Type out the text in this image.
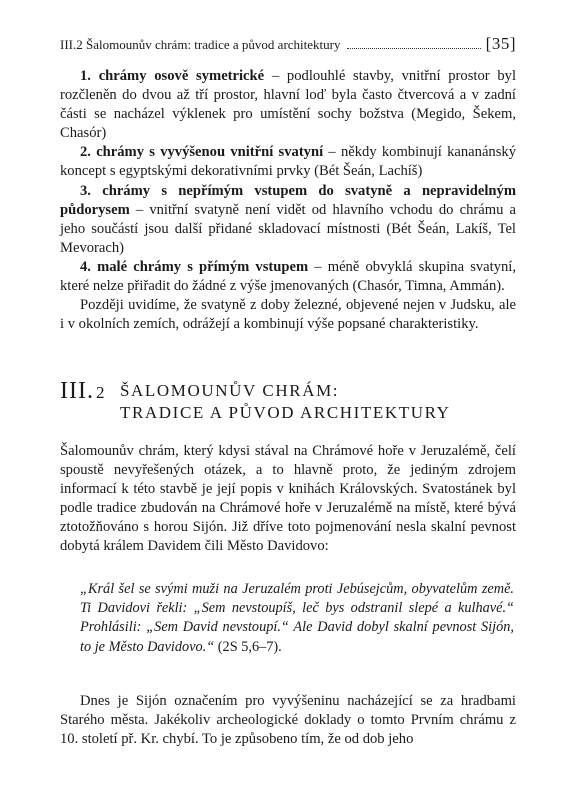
III.2 Šalomounův chrám: tradice a původ architektury	[35]

1. chrámy osově symetrické – podlouhlé stavby, vnitřní prostor byl rozčleněn do dvou až tří prostor, hlavní loď byla často čtvercová a v zadní části se nacházel výklenek pro umístění sochy božstva (Megido, Šekem, Chasór)

2. chrámy s vyvýšenou vnitřní svatyní – někdy kombinují kananánský koncept s egyptskými dekorativními prvky (Bét Šeán, Lachíš)

3. chrámy s nepřímým vstupem do svatyně a nepravidelným půdorysem – vnitřní svatyně není vidět od hlavního vchodu do chrámu a jeho součástí jsou další přidané skladovací místnosti (Bét Šeán, Lakíš, Tel Mevorach)

4. malé chrámy s přímým vstupem – méně obvyklá skupina svatyní, které nelze přiřadit do žádné z výše jmenovaných (Chasór, Timna, Ammán).

Později uvidíme, že svatyně z doby železné, objevené nejen v Judsku, ale i v okolních zemích, odrážejí a kombinují výše popsané charakteristiky.

III. 2 ŠALOMOUNŮV CHRÁM:
TRADICE A PŮVOD ARCHITEKTURY

Šalomounův chrám, který kdysi stával na Chrámové hoře v Jeruzalémě, čelí spoustě nevyřešených otázek, a to hlavně proto, že jediným zdrojem informací k této stavbě je její popis v knihách Královských. Svatostánek byl podle tradice zbudován na Chrámové hoře v Jeruzalémě na místě, které bývá ztotožňováno s horou Sijón. Již dříve toto pojmenování nesla skalní pevnost dobytá králem Davidem čili Město Davidovo:

„Král šel se svými muži na Jeruzalém proti Jebúsejcům, obyvatelům země. Ti Davidovi řekli: „Sem nevstoupíš, leč bys odstranil slepé a kulhavé.“ Prohlásili: „Sem David nevstoupí.“ Ale David dobyl skalní pevnost Sijón, to je Město Davidovo.“ (2S 5,6–7).

Dnes je Sijón označením pro vyvýšeninu nacházející se za hradbami Starého města. Jakékoliv archeologické doklady o tomto Prvním chrámu z 10. století př. Kr. chybí. To je způsobeno tím, že od dob jeho
